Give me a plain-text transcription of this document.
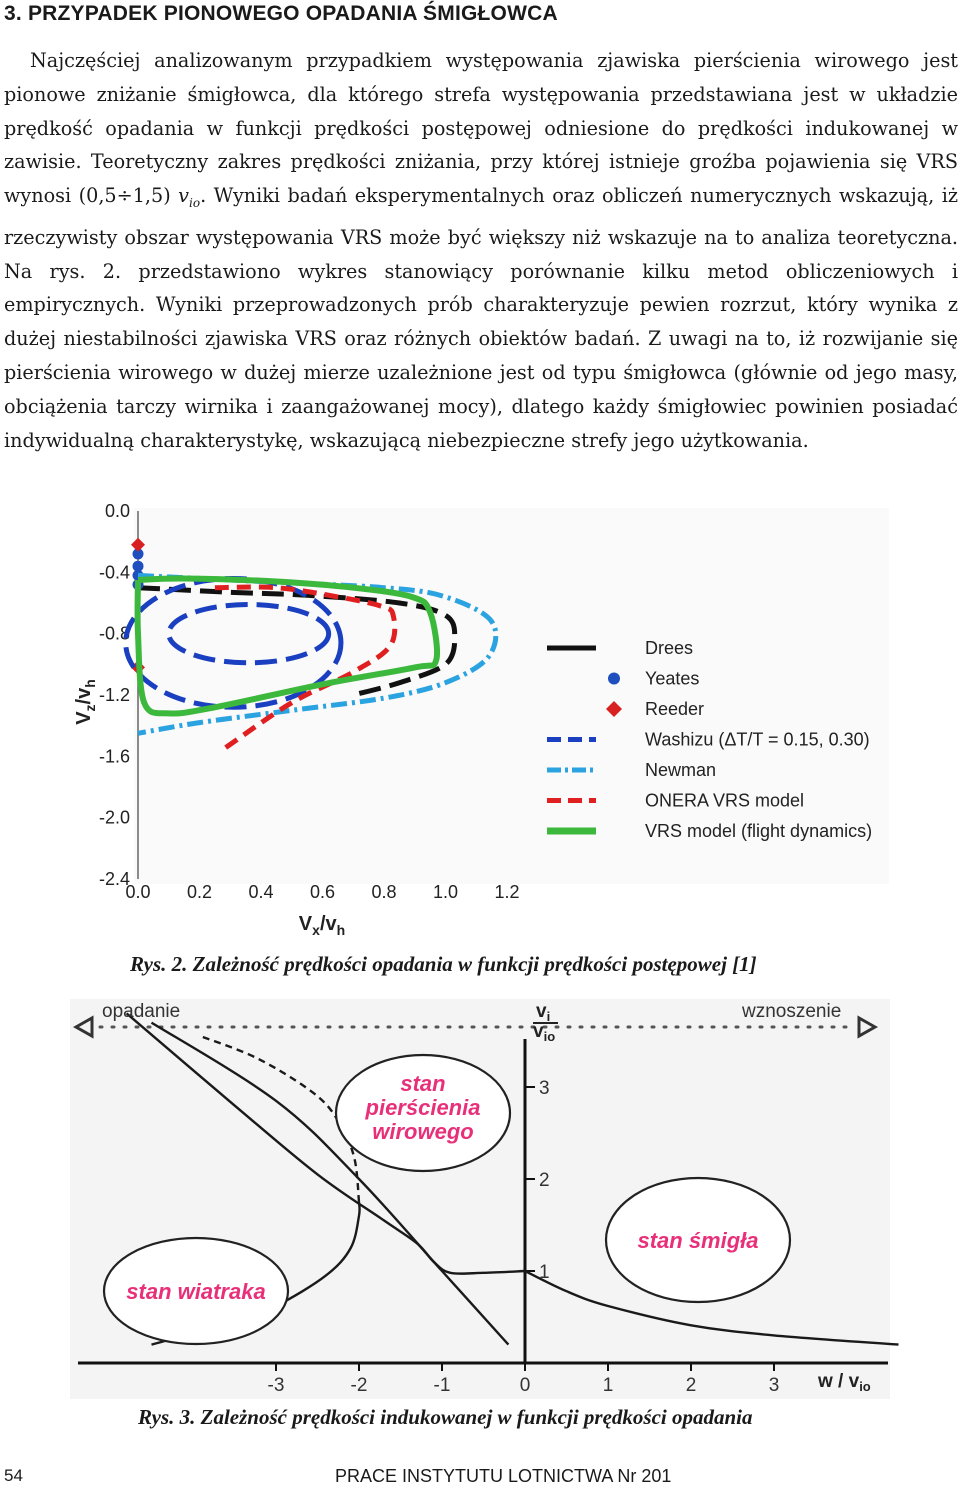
3. PRZYPADEK PIONOWEGO OPADANIA ŚMIGŁOWCA

Najczęściej analizowanym przypadkiem występowania zjawiska pierścienia wirowego jest pionowe zniżanie śmigłowca, dla którego strefa występowania przedstawiana jest w układzie prędkość opadania w funkcji prędkości postępowej odniesione do prędkości indukowanej w zawisie. Teoretyczny zakres prędkości zniżania, przy której istnieje groźba pojawienia się VRS wynosi (0,5÷1,5) $v_{io}$. Wyniki badań eksperymentalnych oraz obliczeń numerycznych wskazują, iż rzeczywisty obszar występowania VRS może być większy niż wskazuje na to analiza teoretyczna. Na rys. 2. przedstawiono wykres stanowiący porównanie kilku metod obliczeniowych i empirycznych. Wyniki przeprowadzonych prób charakteryzuje pewien rozrzut, który wynika z dużej niestabilności zjawiska VRS oraz różnych obiektów badań. Z uwagi na to, iż rozwijanie się pierścienia wirowego w dużej mierze uzależnione jest od typu śmigłowca (głównie od jego masy, obciążenia tarczy wirnika i zaangażowanej mocy), dlatego każdy śmigłowiec powinien posiadać indywidualną charakterystykę, wskazującą niebezpieczne strefy jego użytkowania.

0.0
-0.4
-0.8
-1.2
-1.6
-2.0
-2.4
0.0 0.2 0.4 0.6 0.8 1.0 1.2
Drees
Yeates
Reeder
Washizu (ΔT/T = 0.15, 0.30)
Newman
ONERA VRS model
VRS model (flight dynamics)
$V_z/v_h$
$V_x/v_h$
Rys. 2. Zależność prędkości opadania w funkcji prędkości postępowej [1]
-3	-2	-1	0	1	2	3
1
2
3
stan
pierścienia
wirowego
stan wiatraka
stan śmigła
opadanie	wznoszenie
$v_i$
$v_{io}$
w / $v_{io}$
Rys. 3. Zależność prędkości indukowanej w funkcji prędkości opadania
54	PRACE INSTYTUTU LOTNICTWA Nr 201
